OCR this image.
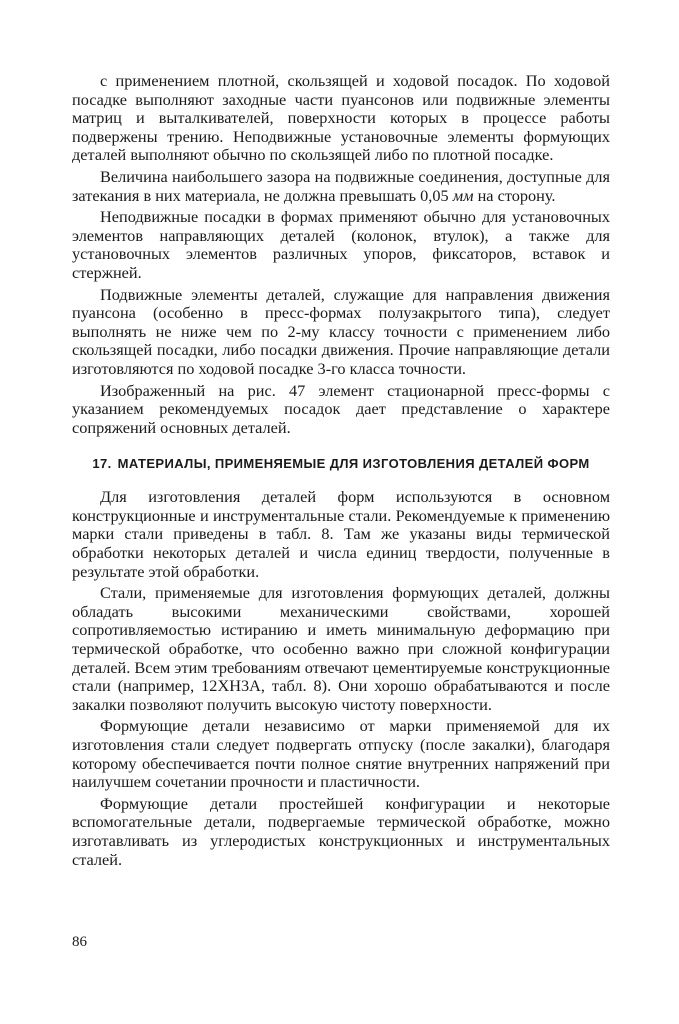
с применением плотной, скользящей и ходовой посадок. По ходовой посадке выполняют заходные части пуансонов или подвижные элементы матриц и выталкивателей, поверхности которых в процессе работы подвержены трению. Неподвижные установочные элементы формующих деталей выполняют обычно по скользящей либо по плотной посадке.

Величина наибольшего зазора на подвижные соединения, доступные для затекания в них материала, не должна превышать 0,05 мм на сторону.

Неподвижные посадки в формах применяют обычно для установочных элементов направляющих деталей (колонок, втулок), а также для установочных элементов различных упоров, фиксаторов, вставок и стержней.

Подвижные элементы деталей, служащие для направления движения пуансона (особенно в пресс-формах полузакрытого типа), следует выполнять не ниже чем по 2-му классу точности с применением либо скользящей посадки, либо посадки движения. Прочие направляющие детали изготовляются по ходовой посадке 3-го класса точности.

Изображенный на рис. 47 элемент стационарной пресс-формы с указанием рекомендуемых посадок дает представление о характере сопряжений основных деталей.

17. МАТЕРИАЛЫ, ПРИМЕНЯЕМЫЕ ДЛЯ ИЗГОТОВЛЕНИЯ ДЕТАЛЕЙ ФОРМ

Для изготовления деталей форм используются в основном конструкционные и инструментальные стали. Рекомендуемые к применению марки стали приведены в табл. 8. Там же указаны виды термической обработки некоторых деталей и числа единиц твердости, полученные в результате этой обработки.

Стали, применяемые для изготовления формующих деталей, должны обладать высокими механическими свойствами, хорошей сопротивляемостью истиранию и иметь минимальную деформацию при термической обработке, что особенно важно при сложной конфигурации деталей. Всем этим требованиям отвечают цементируемые конструкционные стали (например, 12ХН3А, табл. 8). Они хорошо обрабатываются и после закалки позволяют получить высокую чистоту поверхности.

Формующие детали независимо от марки применяемой для их изготовления стали следует подвергать отпуску (после закалки), благодаря которому обеспечивается почти полное снятие внутренних напряжений при наилучшем сочетании прочности и пластичности.

Формующие детали простейшей конфигурации и некоторые вспомогательные детали, подвергаемые термической обработке, можно изготавливать из углеродистых конструкционных и инструментальных сталей.

86
